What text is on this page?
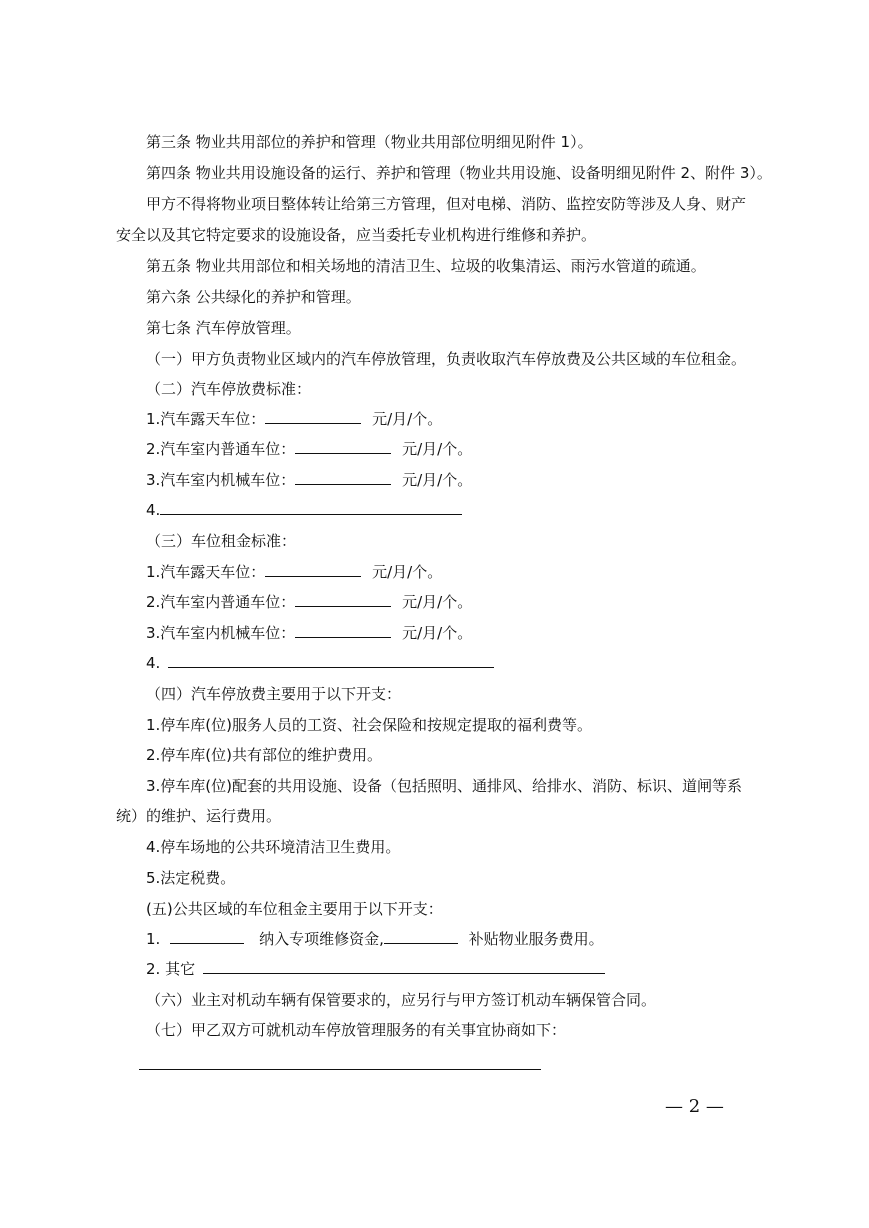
第三条 物业共用部位的养护和管理（物业共用部位明细见附件 1）。
第四条 物业共用设施设备的运行、养护和管理（物业共用设施、设备明细见附件 2、附件 3）。
甲方不得将物业项目整体转让给第三方管理，但对电梯、消防、监控安防等涉及人身、财产
安全以及其它特定要求的设施设备，应当委托专业机构进行维修和养护。
第五条 物业共用部位和相关场地的清洁卫生、垃圾的收集清运、雨污水管道的疏通。
第六条 公共绿化的养护和管理。
第七条 汽车停放管理。
（一）甲方负责物业区域内的汽车停放管理，负责收取汽车停放费及公共区域的车位租金。
（二）汽车停放费标准：
1.汽车露天车位：	元/月/个。
2.汽车室内普通车位：	元/月/个。
3.汽车室内机械车位：	元/月/个。
4.
（三）车位租金标准：
1.汽车露天车位：	元/月/个。
2.汽车室内普通车位：	元/月/个。
3.汽车室内机械车位：	元/月/个。
4.
（四）汽车停放费主要用于以下开支：
1.停车库(位)服务人员的工资、社会保险和按规定提取的福利费等。
2.停车库(位)共有部位的维护费用。
3.停车库(位)配套的共用设施、设备（包括照明、通排风、给排水、消防、标识、道闸等系
统）的维护、运行费用。
4.停车场地的公共环境清洁卫生费用。
5.法定税费。
(五)公共区域的车位租金主要用于以下开支：
1.	纳入专项维修资金,	补贴物业服务费用。
2. 其它
（六）业主对机动车辆有保管要求的，应另行与甲方签订机动车辆保管合同。
（七）甲乙双方可就机动车停放管理服务的有关事宜协商如下：
— 2 —
